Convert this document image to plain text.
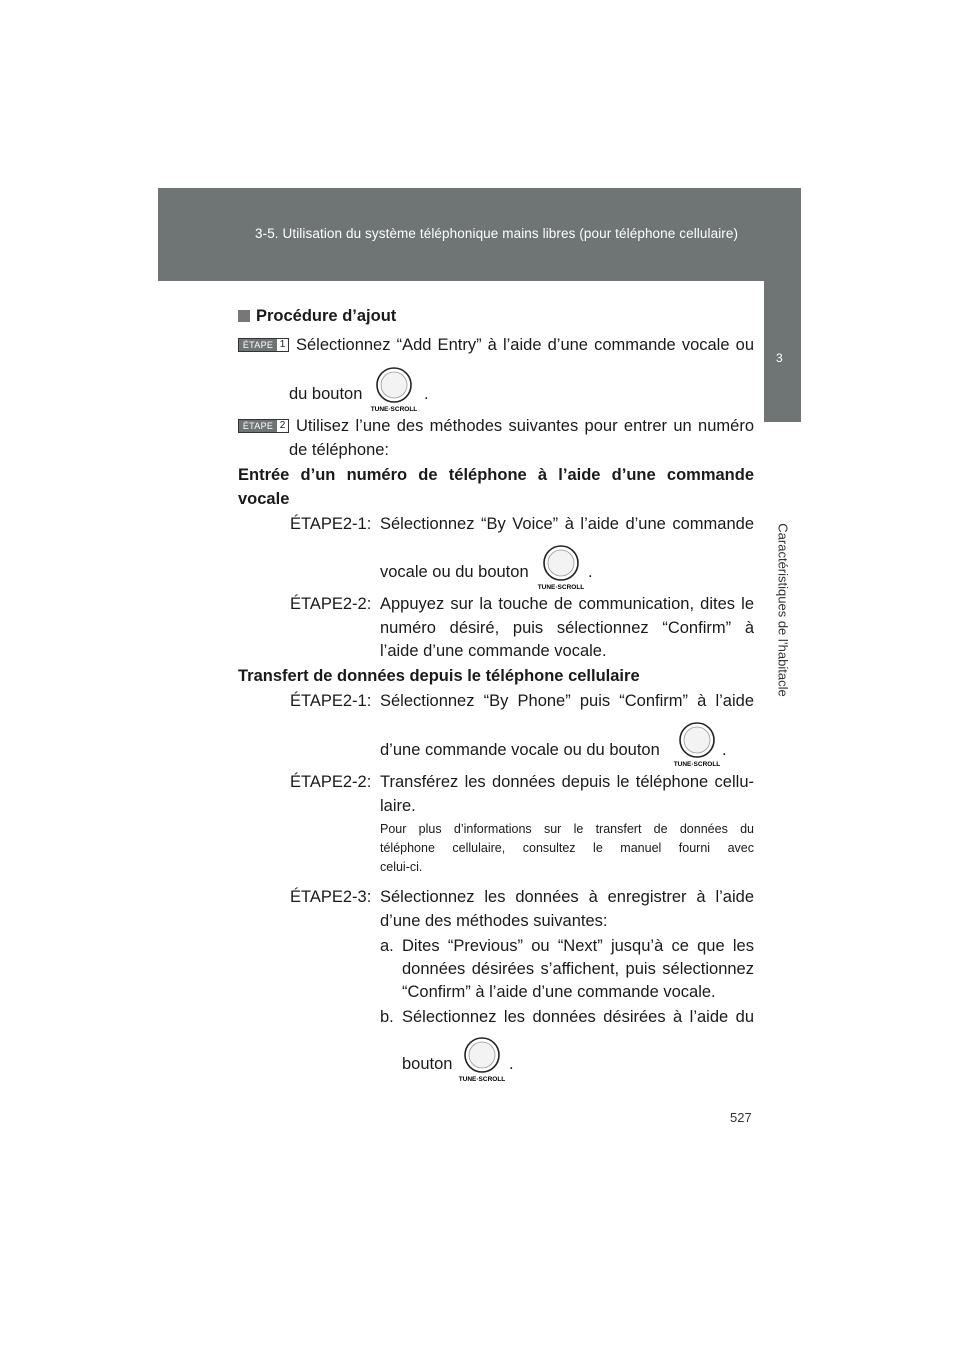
3-5. Utilisation du système téléphonique mains libres (pour téléphone cellulaire)
3
Caractéristiques de l’habitacle
Procédure d’ajout
ÉTAPE 1 Sélectionnez “Add Entry” à l’aide d’une commande vocale ou
du bouton
TUNE·SCROLL
.
ÉTAPE 2 Utilisez l’une des méthodes suivantes pour entrer un numéro
de téléphone:
Entrée d’un numéro de téléphone à l’aide d’une commande
vocale
ÉTAPE2-1: Sélectionnez “By Voice” à l’aide d’une commande
vocale ou du bouton
TUNE·SCROLL
.
ÉTAPE2-2: Appuyez sur la touche de communication, dites le
numéro désiré, puis sélectionnez “Confirm” à
l’aide d’une commande vocale.
Transfert de données depuis le téléphone cellulaire
ÉTAPE2-1: Sélectionnez “By Phone” puis “Confirm” à l’aide
d’une commande vocale ou du bouton
TUNE·SCROLL
.
ÉTAPE2-2: Transférez les données depuis le téléphone cellu-
laire.
Pour plus d’informations sur le transfert de données du
téléphone cellulaire, consultez le manuel fourni avec
celui-ci.
ÉTAPE2-3: Sélectionnez les données à enregistrer à l’aide
d’une des méthodes suivantes:
a. Dites “Previous” ou “Next” jusqu’à ce que les
données désirées s’affichent, puis sélectionnez
“Confirm” à l’aide d’une commande vocale.
b. Sélectionnez les données désirées à l’aide du
bouton
TUNE·SCROLL
.
527
